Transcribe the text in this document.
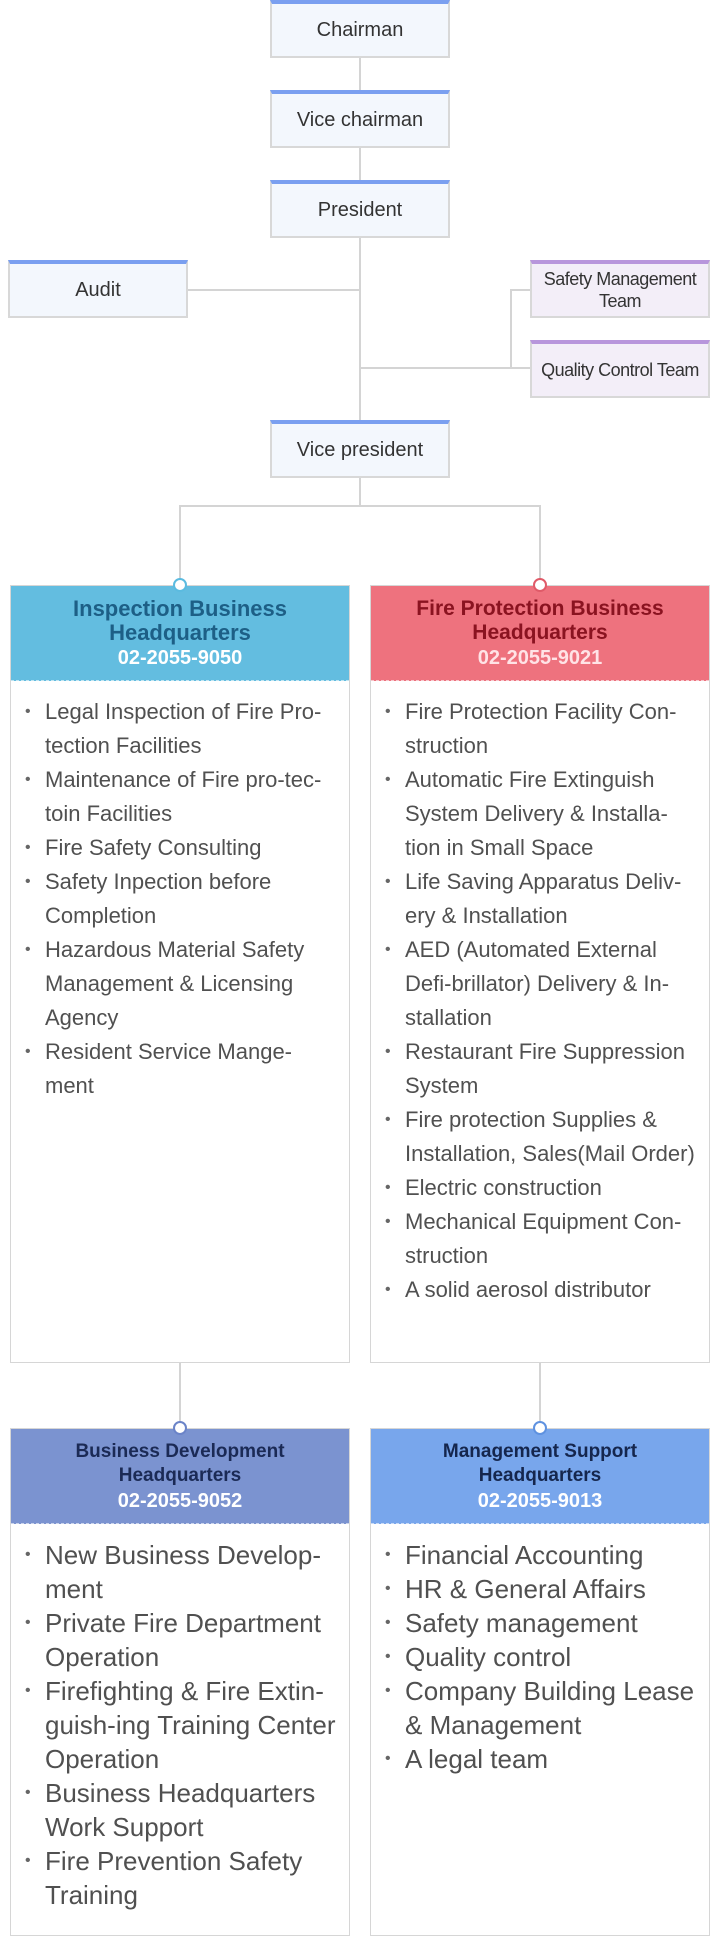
Chairman
Vice chairman
President
Audit	Safety Management Team
Quality Control Team
Vice president
Inspection Business Headquarters
02-2055-9050
• Legal Inspection of Fire Pro-tection Facilities
• Maintenance of Fire pro-tec-toin Facilities
• Fire Safety Consulting
• Safety Inpection before Completion
• Hazardous Material Safety Management & Licensing Agency
• Resident Service Mange-ment
Fire Protection Business Headquarters
02-2055-9021
• Fire Protection Facility Con-struction
• Automatic Fire Extinguish System Delivery & Installa-tion in Small Space
• Life Saving Apparatus Deliv-ery & Installation
• AED (Automated External Defi-brillator) Delivery & In-stallation
• Restaurant Fire Suppression System
• Fire protection Supplies & Installation, Sales(Mail Order)
• Electric construction
• Mechanical Equipment Con-struction
• A solid aerosol distributor
Business Development Headquarters
02-2055-9052
• New Business Develop-ment
• Private Fire Department Operation
• Firefighting & Fire Extin-guish-ing Training Center Operation
• Business Headquarters Work Support
• Fire Prevention Safety Training
Management Support Headquarters
02-2055-9013
• Financial Accounting
• HR & General Affairs
• Safety management
• Quality control
• Company Building Lease & Management
• A legal team
